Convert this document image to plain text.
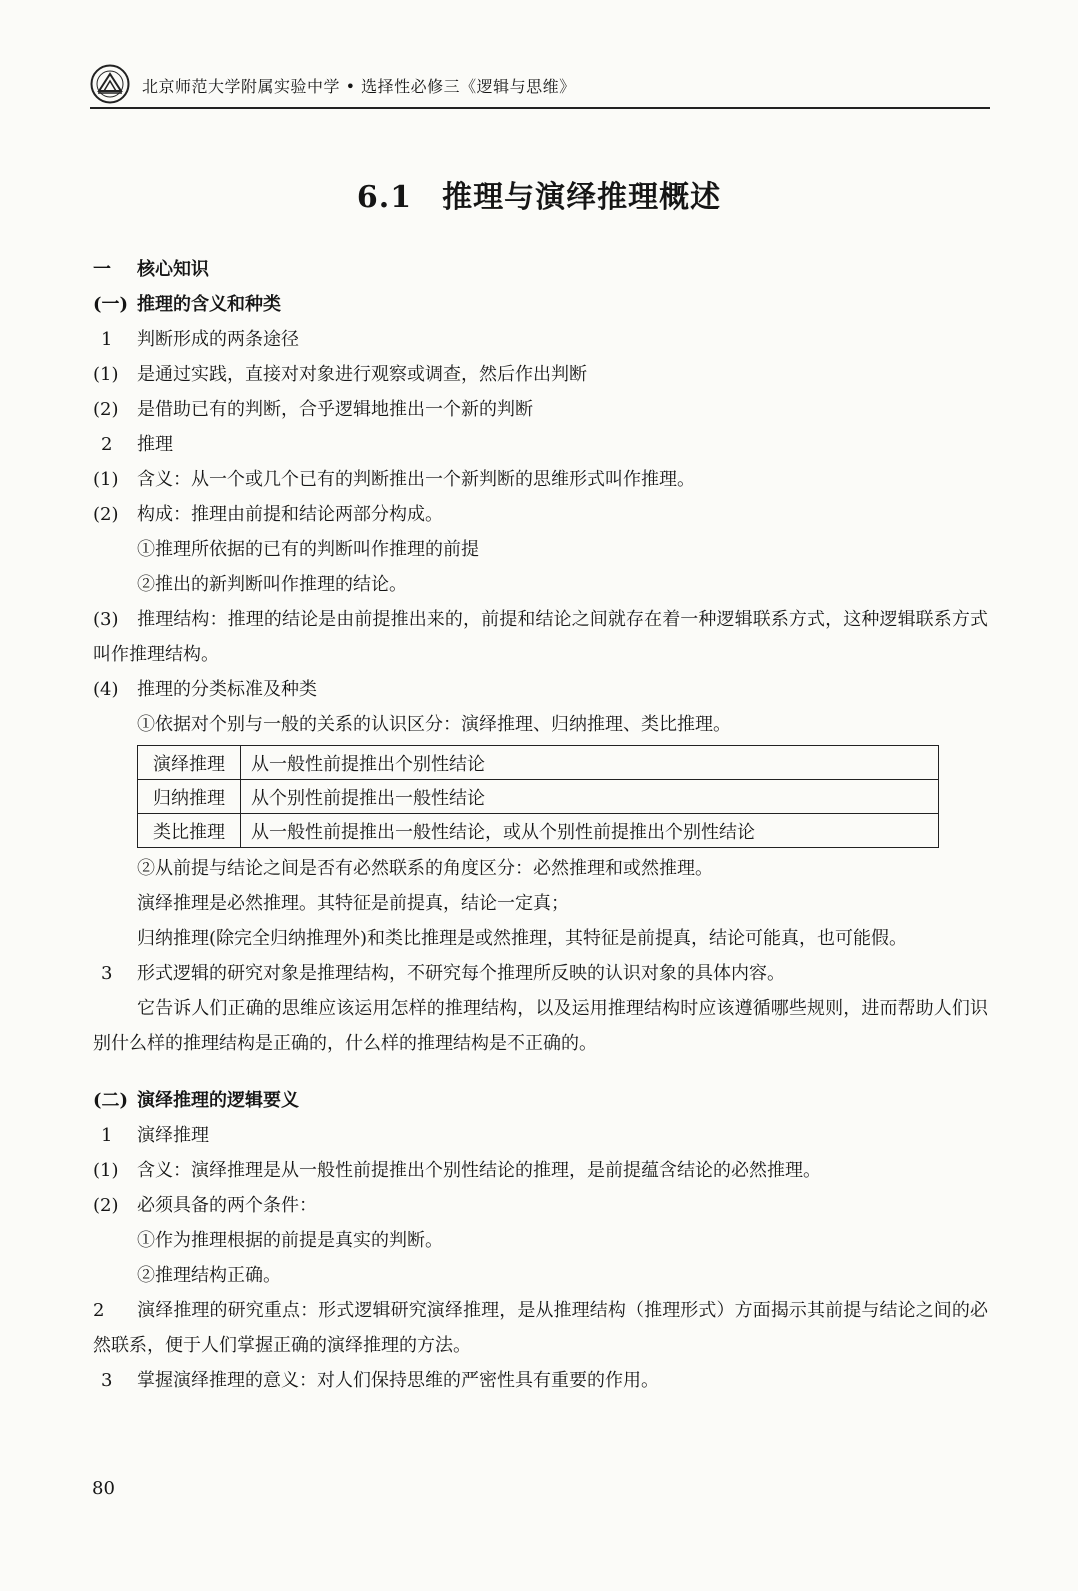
北京师范大学附属实验中学 • 选择性必修三《逻辑与思维》
6.1 推理与演绎推理概述
一 核心知识
(一) 推理的含义和种类
1 判断形成的两条途径
(1) 是通过实践，直接对对象进行观察或调查，然后作出判断
(2) 是借助已有的判断，合乎逻辑地推出一个新的判断
2 推理
(1) 含义：从一个或几个已有的判断推出一个新判断的思维形式叫作推理。
(2) 构成：推理由前提和结论两部分构成。
①推理所依据的已有的判断叫作推理的前提
②推出的新判断叫作推理的结论。
(3) 推理结构：推理的结论是由前提推出来的，前提和结论之间就存在着一种逻辑联系方式，这种逻辑联系方式叫作推理结构。
(4) 推理的分类标准及种类
①依据对个别与一般的关系的认识区分：演绎推理、归纳推理、类比推理。
演绎推理	从一般性前提推出个别性结论
归纳推理	从个别性前提推出一般性结论
类比推理	从一般性前提推出一般性结论，或从个别性前提推出个别性结论
②从前提与结论之间是否有必然联系的角度区分：必然推理和或然推理。
演绎推理是必然推理。其特征是前提真，结论一定真；
归纳推理(除完全归纳推理外)和类比推理是或然推理，其特征是前提真，结论可能真，也可能假。
3 形式逻辑的研究对象是推理结构，不研究每个推理所反映的认识对象的具体内容。
它告诉人们正确的思维应该运用怎样的推理结构，以及运用推理结构时应该遵循哪些规则，进而帮助人们识别什么样的推理结构是正确的，什么样的推理结构是不正确的。
(二) 演绎推理的逻辑要义
1 演绎推理
(1) 含义：演绎推理是从一般性前提推出个别性结论的推理，是前提蕴含结论的必然推理。
(2) 必须具备的两个条件：
①作为推理根据的前提是真实的判断。
②推理结构正确。
2 演绎推理的研究重点：形式逻辑研究演绎推理，是从推理结构（推理形式）方面揭示其前提与结论之间的必然联系，便于人们掌握正确的演绎推理的方法。
3 掌握演绎推理的意义：对人们保持思维的严密性具有重要的作用。
80
